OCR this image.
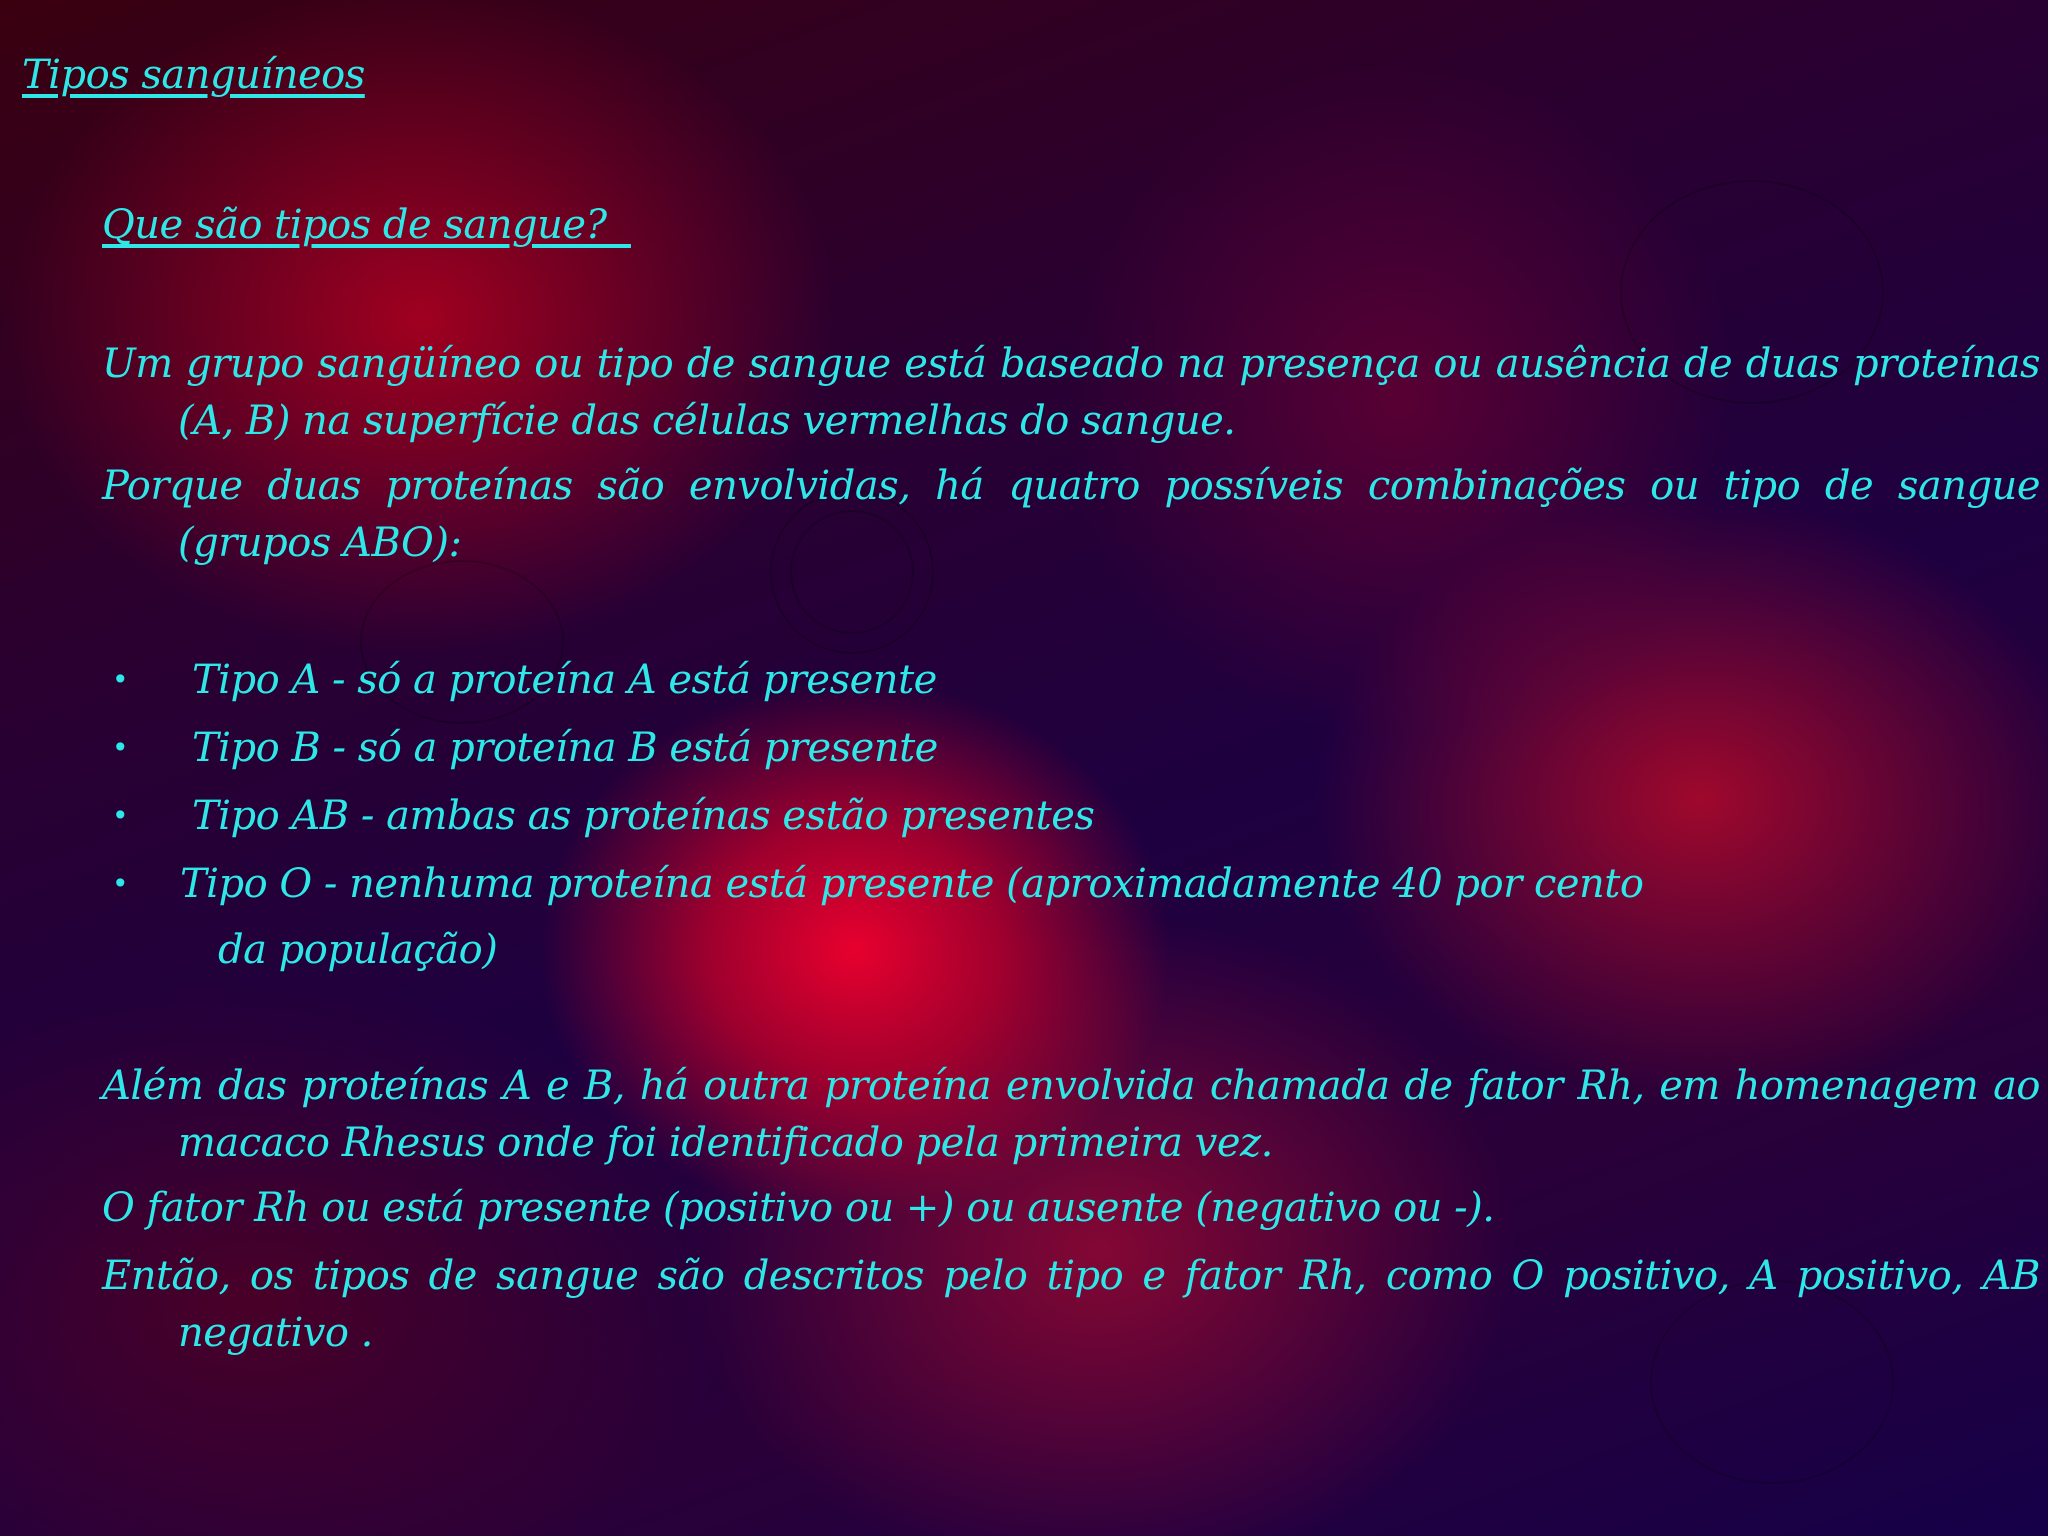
Tipos sanguíneos
Que são tipos de sangue?

Um grupo sangüíneo ou tipo de sangue está baseado na presença ou ausência de duas proteínas (A, B) na superfície das células vermelhas do sangue.

Porque duas proteínas são envolvidas, há quatro possíveis combinações ou tipo de sangue (grupos ABO):

• Tipo A - só a proteína A está presente
• Tipo B - só a proteína B está presente
• Tipo AB - ambas as proteínas estão presentes
• Tipo O - nenhuma proteína está presente (aproximadamente 40 por cento
da população)

Além das proteínas A e B, há outra proteína envolvida chamada de fator Rh, em homenagem ao macaco Rhesus onde foi identificado pela primeira vez.

O fator Rh ou está presente (positivo ou +) ou ausente (negativo ou -).

Então, os tipos de sangue são descritos pelo tipo e fator Rh, como O positivo, A positivo, AB negativo .
